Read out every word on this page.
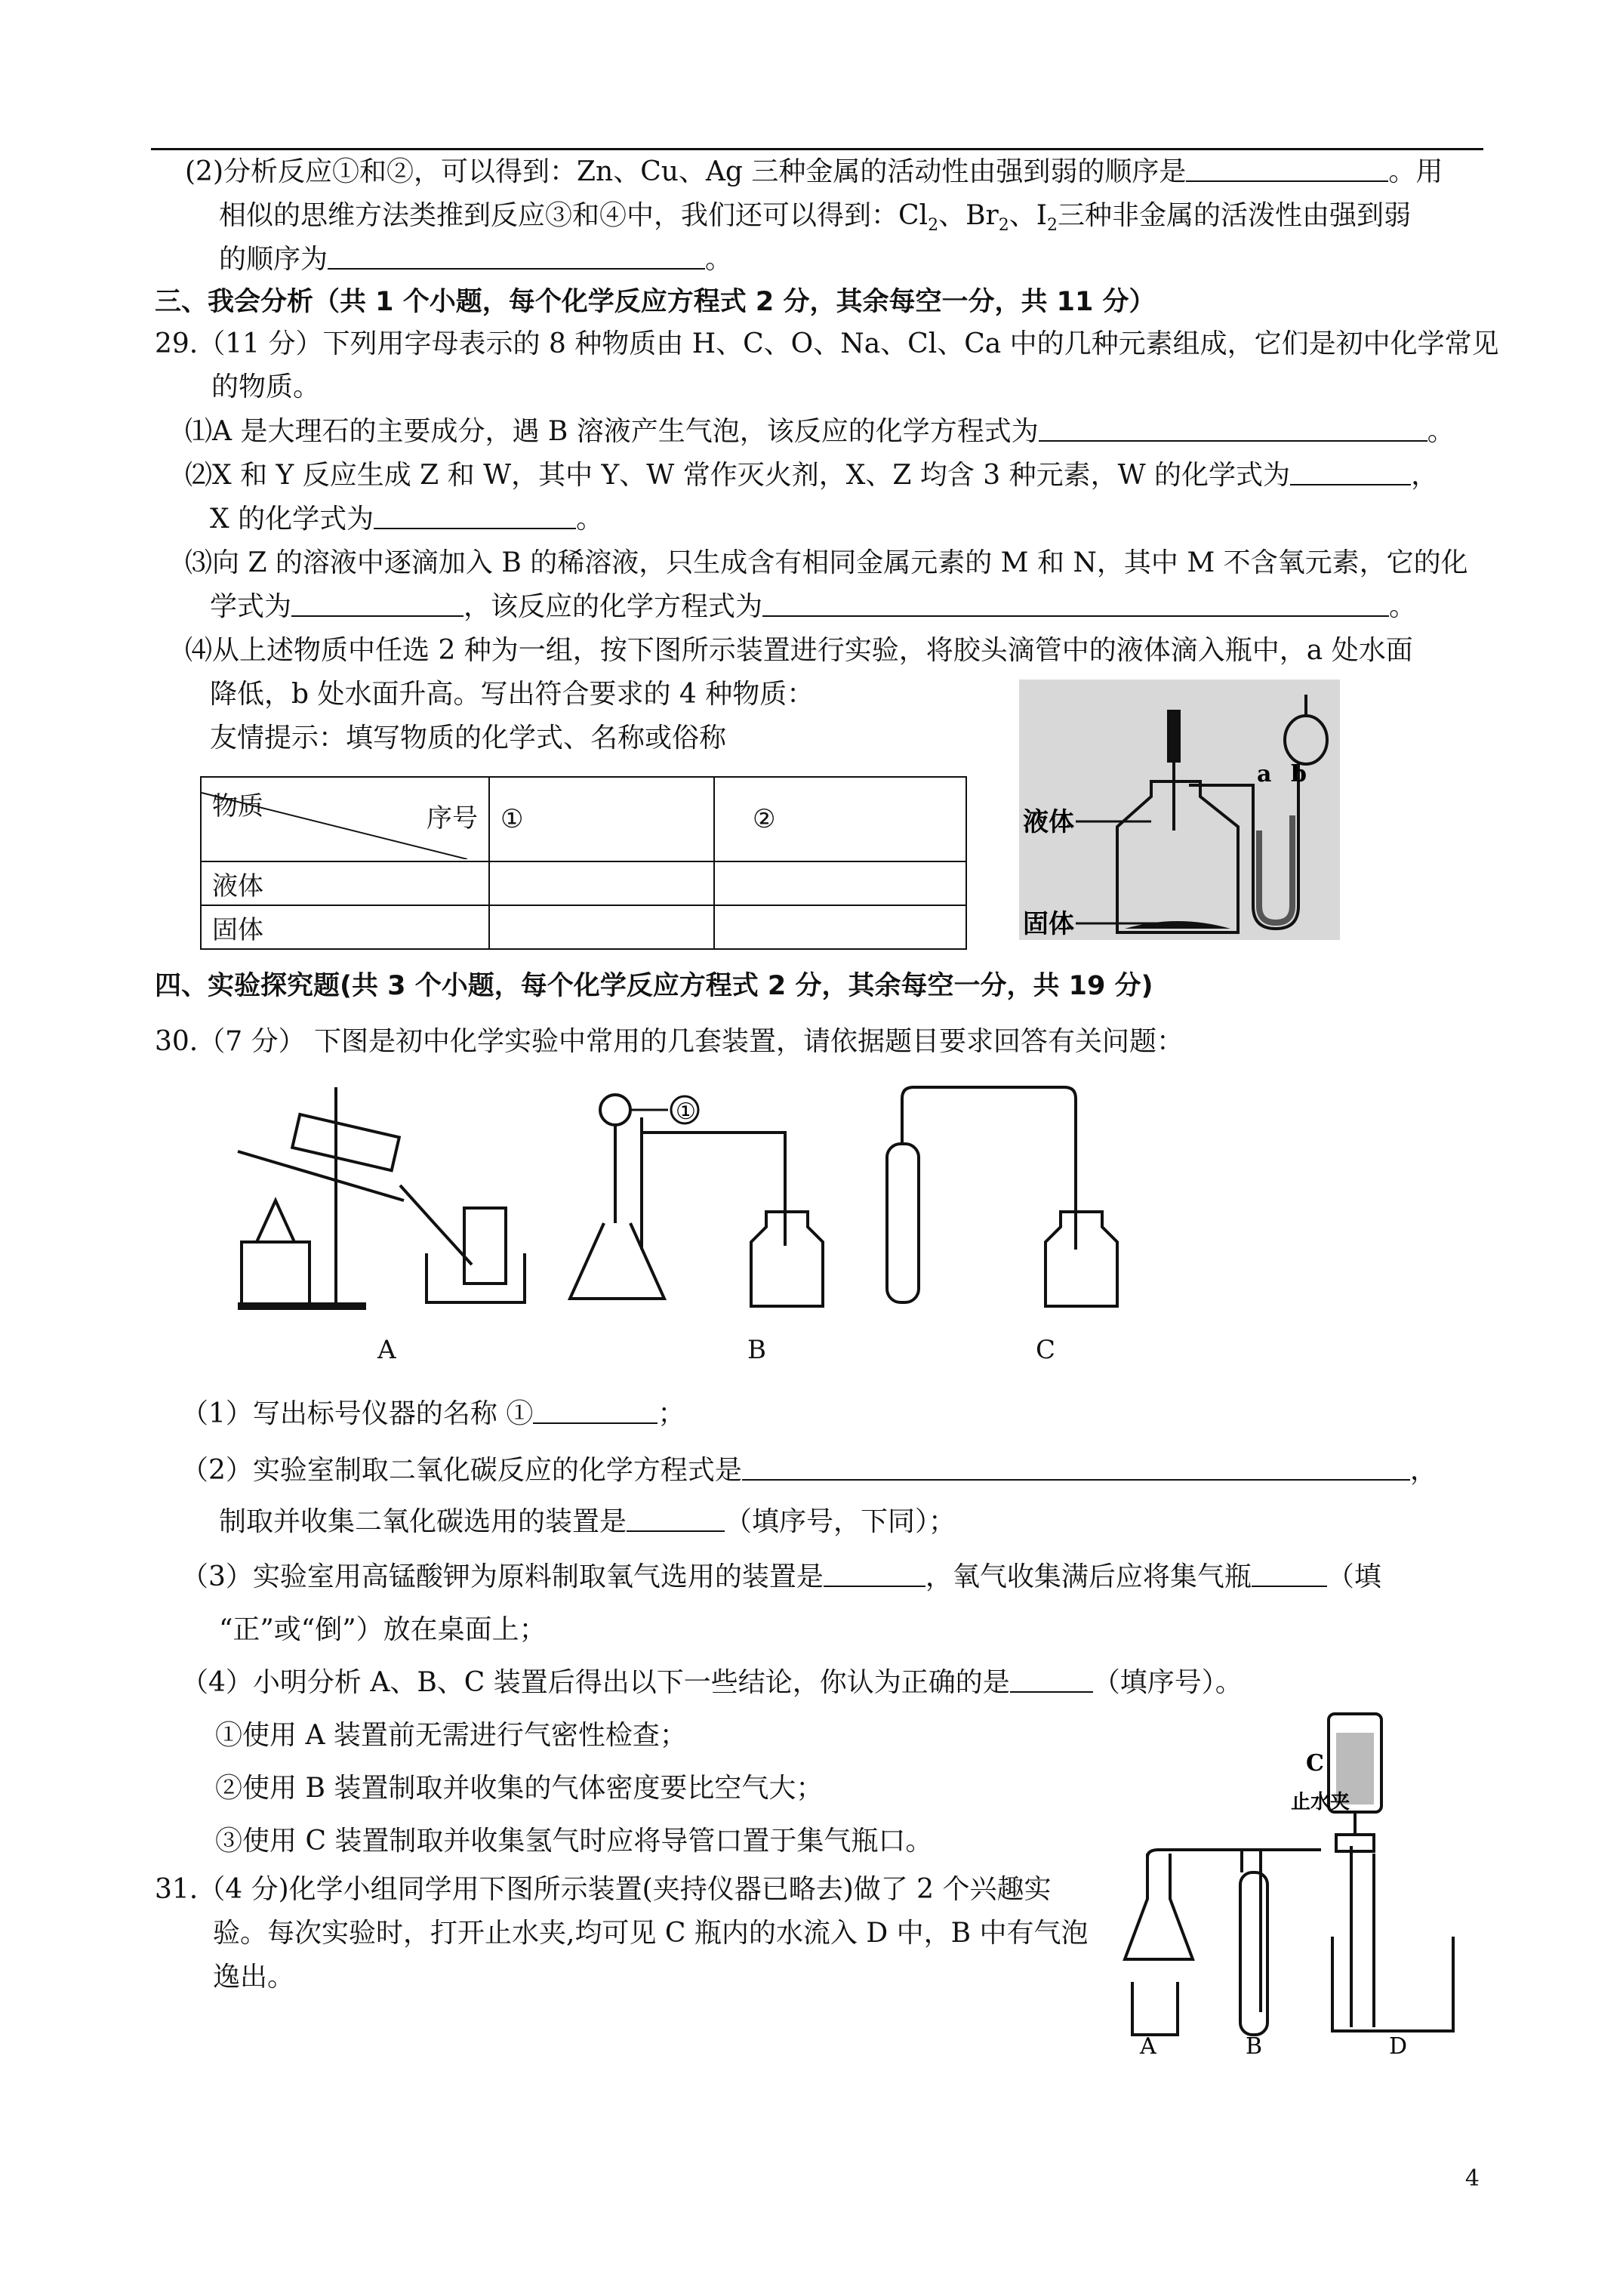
(2)分析反应①和②，可以得到：Zn、Cu、Ag 三种金属的活动性由强到弱的顺序是	。用
相似的思维方法类推到反应③和④中，我们还可以得到：$Cl_2$、$Br_2$、$I_2$三种非金属的活泼性由强到弱
的顺序为	。
三、我会分析（共 1 个小题，每个化学反应方程式 2 分，其余每空一分，共 11 分）
29.（11 分）下列用字母表示的 8 种物质由 H、C、O、Na、Cl、Ca 中的几种元素组成，它们是初中化学常见
的物质。
⑴A 是大理石的主要成分，遇 B 溶液产生气泡，该反应的化学方程式为	。
⑵X 和 Y 反应生成 Z 和 W，其中 Y、W 常作灭火剂，X、Z 均含 3 种元素，W 的化学式为	，
X 的化学式为	。
⑶向 Z 的溶液中逐滴加入 B 的稀溶液，只生成含有相同金属元素的 M 和 N，其中 M 不含氧元素，它的化
学式为	，该反应的化学方程式为	。
⑷从上述物质中任选 2 种为一组，按下图所示装置进行实验，将胶头滴管中的液体滴入瓶中，a 处水面
降低，b 处水面升高。写出符合要求的 4 种物质：
友情提示：填写物质的化学式、名称或俗称
物质 序号	①	②
液体		
固体		
a b
液体
固体
四、实验探究题(共 3 个小题，每个化学反应方程式 2 分，其余每空一分，共 19 分)
30.（7 分） 下图是初中化学实验中常用的几套装置，请依据题目要求回答有关问题：
①
A	B	C
（1）写出标号仪器的名称 ①	；
（2）实验室制取二氧化碳反应的化学方程式是	，
制取并收集二氧化碳选用的装置是	（填序号，下同）；
（3）实验室用高锰酸钾为原料制取氧气选用的装置是	，氧气收集满后应将集气瓶	（填
“正”或“倒”）放在桌面上；
（4）小明分析 A、B、C 装置后得出以下一些结论，你认为正确的是	（填序号）。
①使用 A 装置前无需进行气密性检查；
②使用 B 装置制取并收集的气体密度要比空气大；
③使用 C 装置制取并收集氢气时应将导管口置于集气瓶口。
31.（4 分)化学小组同学用下图所示装置(夹持仪器已略去)做了 2 个兴趣实
验。每次实验时，打开止水夹,均可见 C 瓶内的水流入 D 中，B 中有气泡
逸出。
止水夹
C
A	B	D
4
